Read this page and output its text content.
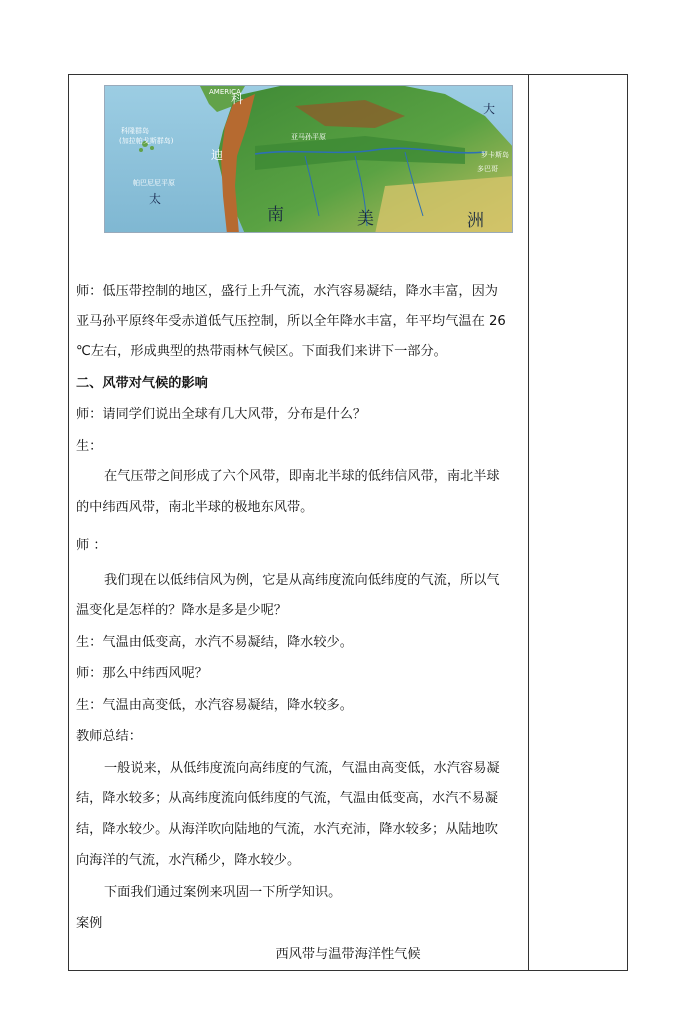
AMERICA
科隆群岛
(加拉帕戈斯群岛)
帕巴尼尼平原
太
大
科
迪
亚马孙平原
多巴哥
罗卡斯岛
南	美	洲
师：低压带控制的地区，盛行上升气流，水汽容易凝结，降水丰富，因为
亚马孙平原终年受赤道低气压控制，所以全年降水丰富，年平均气温在 26
℃左右，形成典型的热带雨林气候区。下面我们来讲下一部分。
二、风带对气候的影响
师：请同学们说出全球有几大风带，分布是什么？
生：
在气压带之间形成了六个风带，即南北半球的低纬信风带，南北半球
的中纬西风带，南北半球的极地东风带。
师 ：
我们现在以低纬信风为例，它是从高纬度流向低纬度的气流，所以气
温变化是怎样的？降水是多是少呢？
生：气温由低变高，水汽不易凝结，降水较少。
师：那么中纬西风呢？
生：气温由高变低，水汽容易凝结，降水较多。
教师总结：
一般说来，从低纬度流向高纬度的气流，气温由高变低，水汽容易凝
结，降水较多；从高纬度流向低纬度的气流，气温由低变高，水汽不易凝
结，降水较少。从海洋吹向陆地的气流，水汽充沛，降水较多；从陆地吹
向海洋的气流，水汽稀少，降水较少。
下面我们通过案例来巩固一下所学知识。
案例
西风带与温带海洋性气候
